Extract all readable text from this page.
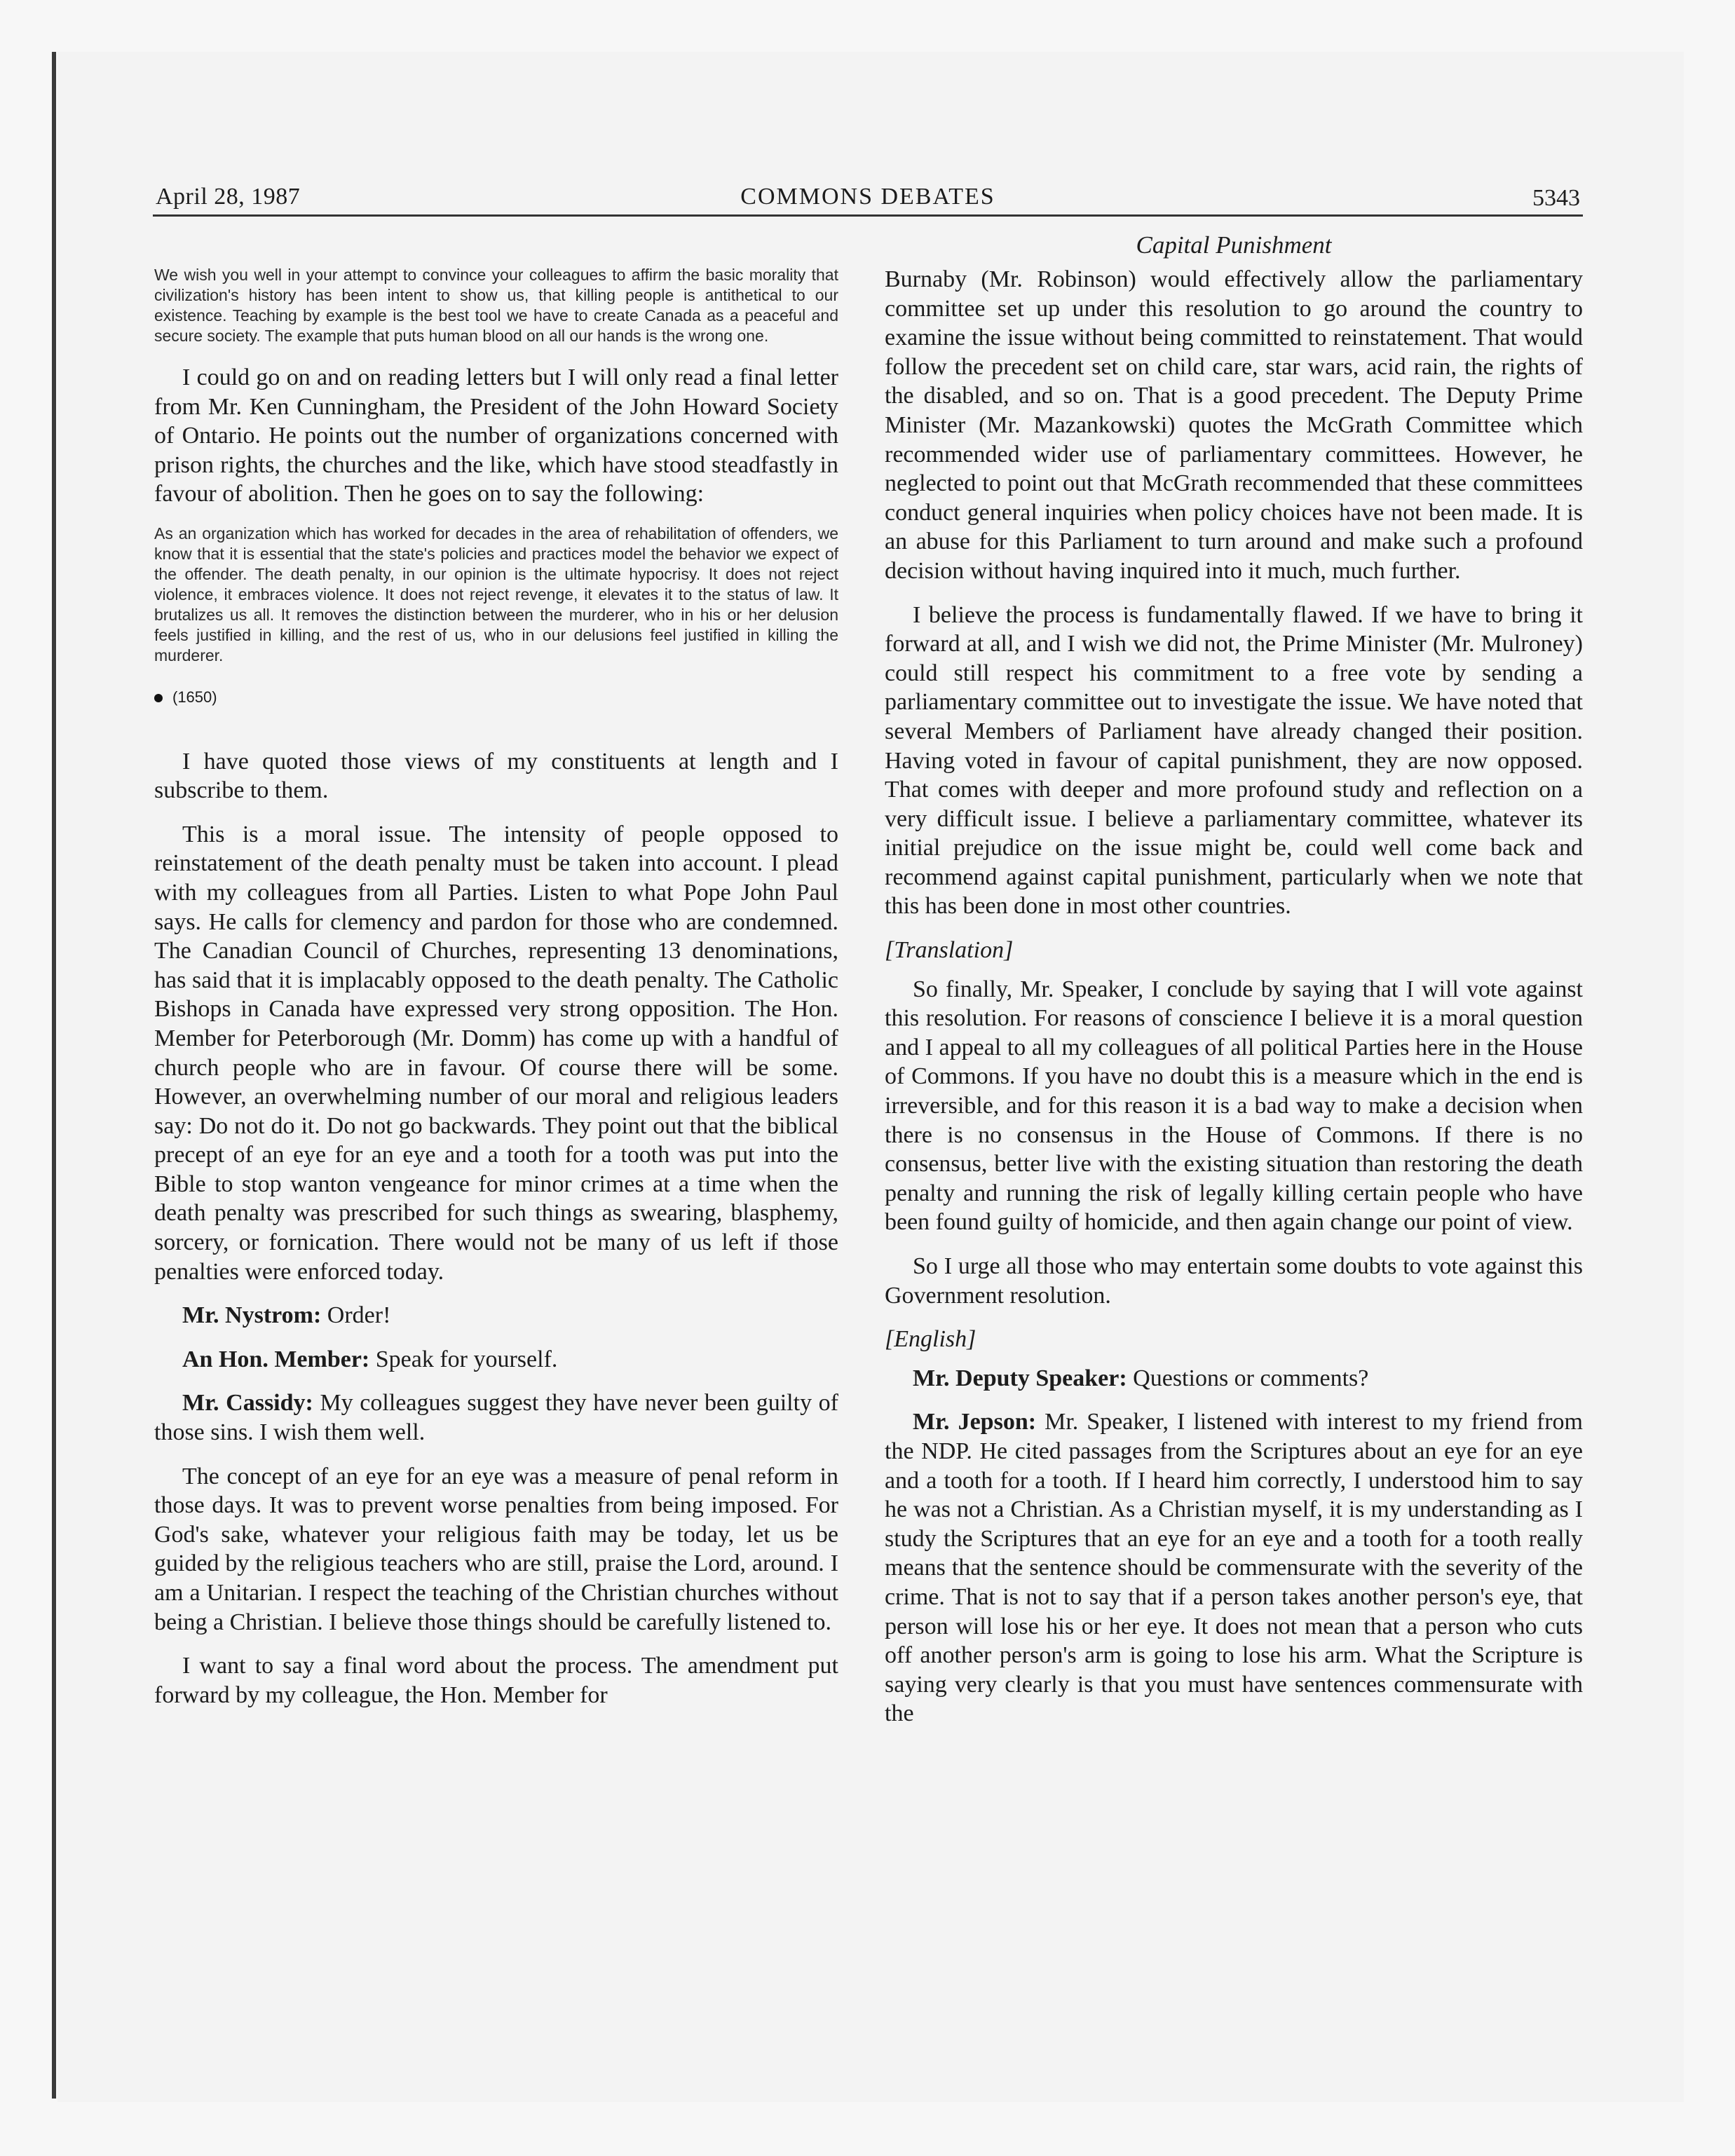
April 28, 1987	COMMONS DEBATES	5343
Capital Punishment

We wish you well in your attempt to convince your colleagues to affirm the basic morality that civilization's history has been intent to show us, that killing people is antithetical to our existence. Teaching by example is the best tool we have to create Canada as a peaceful and secure society. The example that puts human blood on all our hands is the wrong one.

I could go on and on reading letters but I will only read a final letter from Mr. Ken Cunningham, the President of the John Howard Society of Ontario. He points out the number of organizations concerned with prison rights, the churches and the like, which have stood steadfastly in favour of abolition. Then he goes on to say the following:

As an organization which has worked for decades in the area of rehabilitation of offenders, we know that it is essential that the state's policies and practices model the behavior we expect of the offender. The death penalty, in our opinion is the ultimate hypocrisy. It does not reject violence, it embraces violence. It does not reject revenge, it elevates it to the status of law. It brutalizes us all. It removes the distinction between the murderer, who in his or her delusion feels justified in killing, and the rest of us, who in our delusions feel justified in killing the murderer.

(1650)

I have quoted those views of my constituents at length and I subscribe to them.

This is a moral issue. The intensity of people opposed to reinstatement of the death penalty must be taken into account. I plead with my colleagues from all Parties. Listen to what Pope John Paul says. He calls for clemency and pardon for those who are condemned. The Canadian Council of Churches, representing 13 denominations, has said that it is implacably opposed to the death penalty. The Catholic Bishops in Canada have expressed very strong opposition. The Hon. Member for Peterborough (Mr. Domm) has come up with a handful of church people who are in favour. Of course there will be some. However, an overwhelming number of our moral and religious leaders say: Do not do it. Do not go backwards. They point out that the biblical precept of an eye for an eye and a tooth for a tooth was put into the Bible to stop wanton vengeance for minor crimes at a time when the death penalty was prescribed for such things as swearing, blasphemy, sorcery, or fornication. There would not be many of us left if those penalties were enforced today.

Mr. Nystrom: Order!

An Hon. Member: Speak for yourself.

Mr. Cassidy: My colleagues suggest they have never been guilty of those sins. I wish them well.

The concept of an eye for an eye was a measure of penal reform in those days. It was to prevent worse penalties from being imposed. For God's sake, whatever your religious faith may be today, let us be guided by the religious teachers who are still, praise the Lord, around. I am a Unitarian. I respect the teaching of the Christian churches without being a Christian. I believe those things should be carefully listened to.

I want to say a final word about the process. The amendment put forward by my colleague, the Hon. Member for

Burnaby (Mr. Robinson) would effectively allow the parliamentary committee set up under this resolution to go around the country to examine the issue without being committed to reinstatement. That would follow the precedent set on child care, star wars, acid rain, the rights of the disabled, and so on. That is a good precedent. The Deputy Prime Minister (Mr. Mazankowski) quotes the McGrath Committee which recommended wider use of parliamentary committees. However, he neglected to point out that McGrath recommended that these committees conduct general inquiries when policy choices have not been made. It is an abuse for this Parliament to turn around and make such a profound decision without having inquired into it much, much further.

I believe the process is fundamentally flawed. If we have to bring it forward at all, and I wish we did not, the Prime Minister (Mr. Mulroney) could still respect his commitment to a free vote by sending a parliamentary committee out to investigate the issue. We have noted that several Members of Parliament have already changed their position. Having voted in favour of capital punishment, they are now opposed. That comes with deeper and more profound study and reflection on a very difficult issue. I believe a parliamentary committee, whatever its initial prejudice on the issue might be, could well come back and recommend against capital punishment, particularly when we note that this has been done in most other countries.

[Translation]

So finally, Mr. Speaker, I conclude by saying that I will vote against this resolution. For reasons of conscience I believe it is a moral question and I appeal to all my colleagues of all political Parties here in the House of Commons. If you have no doubt this is a measure which in the end is irreversible, and for this reason it is a bad way to make a decision when there is no consensus in the House of Commons. If there is no consensus, better live with the existing situation than restoring the death penalty and running the risk of legally killing certain people who have been found guilty of homicide, and then again change our point of view.

So I urge all those who may entertain some doubts to vote against this Government resolution.

[English]

Mr. Deputy Speaker: Questions or comments?

Mr. Jepson: Mr. Speaker, I listened with interest to my friend from the NDP. He cited passages from the Scriptures about an eye for an eye and a tooth for a tooth. If I heard him correctly, I understood him to say he was not a Christian. As a Christian myself, it is my understanding as I study the Scriptures that an eye for an eye and a tooth for a tooth really means that the sentence should be commensurate with the severity of the crime. That is not to say that if a person takes another person's eye, that person will lose his or her eye. It does not mean that a person who cuts off another person's arm is going to lose his arm. What the Scripture is saying very clearly is that you must have sentences commensurate with the
